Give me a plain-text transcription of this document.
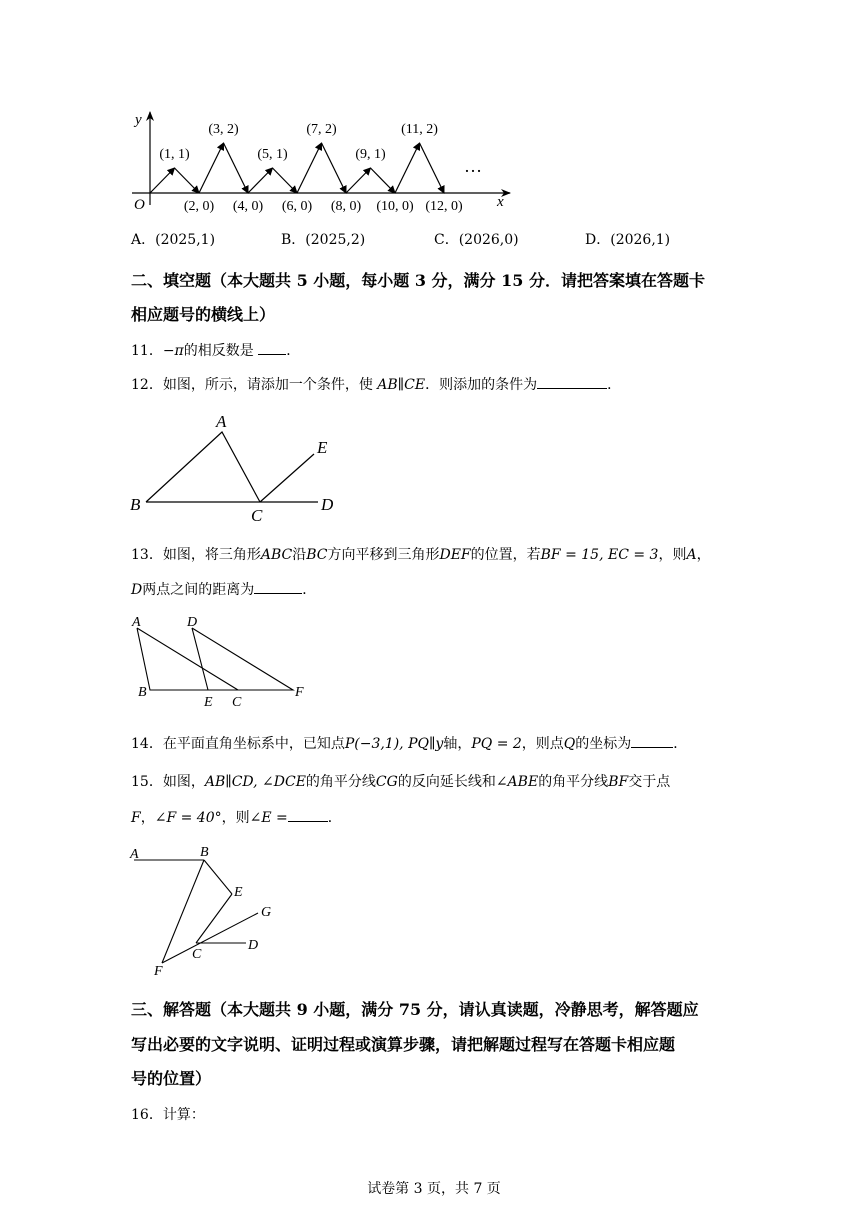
y
x
O
…
(1, 1)
(3, 2)
(5, 1)
(7, 2)
(9, 1)
(11, 2)
(2, 0) (4, 0) (6, 0) (8, 0) (10, 0) (12, 0)
A．(2025,1)	B．(2025,2)	C．(2026,0)	D．(2026,1)
二、填空题（本大题共 5 小题，每小题 3 分，满分 15 分．请把答案填在答题卡
相应题号的横线上）
11．−π的相反数是 ．
12．如图，所示，请添加一个条件，使 AB∥CE．则添加的条件为	．
A
B
C
D
E
13．如图，将三角形ABC沿BC方向平移到三角形DEF的位置，若BF = 15, EC = 3，则A，
D两点之间的距离为	．
A	D
B
E C
F
14．在平面直角坐标系中，已知点P(−3,1), PQ∥y轴，PQ = 2，则点Q的坐标为	．
15．如图，AB∥CD, ∠DCE的角平分线CG的反向延长线和∠ABE的角平分线BF交于点
F，∠F = 40°，则∠E =	．
A	B
E
G
C
D
F
三、解答题（本大题共 9 小题，满分 75 分，请认真读题，冷静思考，解答题应
写出必要的文字说明、证明过程或演算步骤，请把解题过程写在答题卡相应题
号的位置）
16．计算：
试卷第 3 页，共 7 页
